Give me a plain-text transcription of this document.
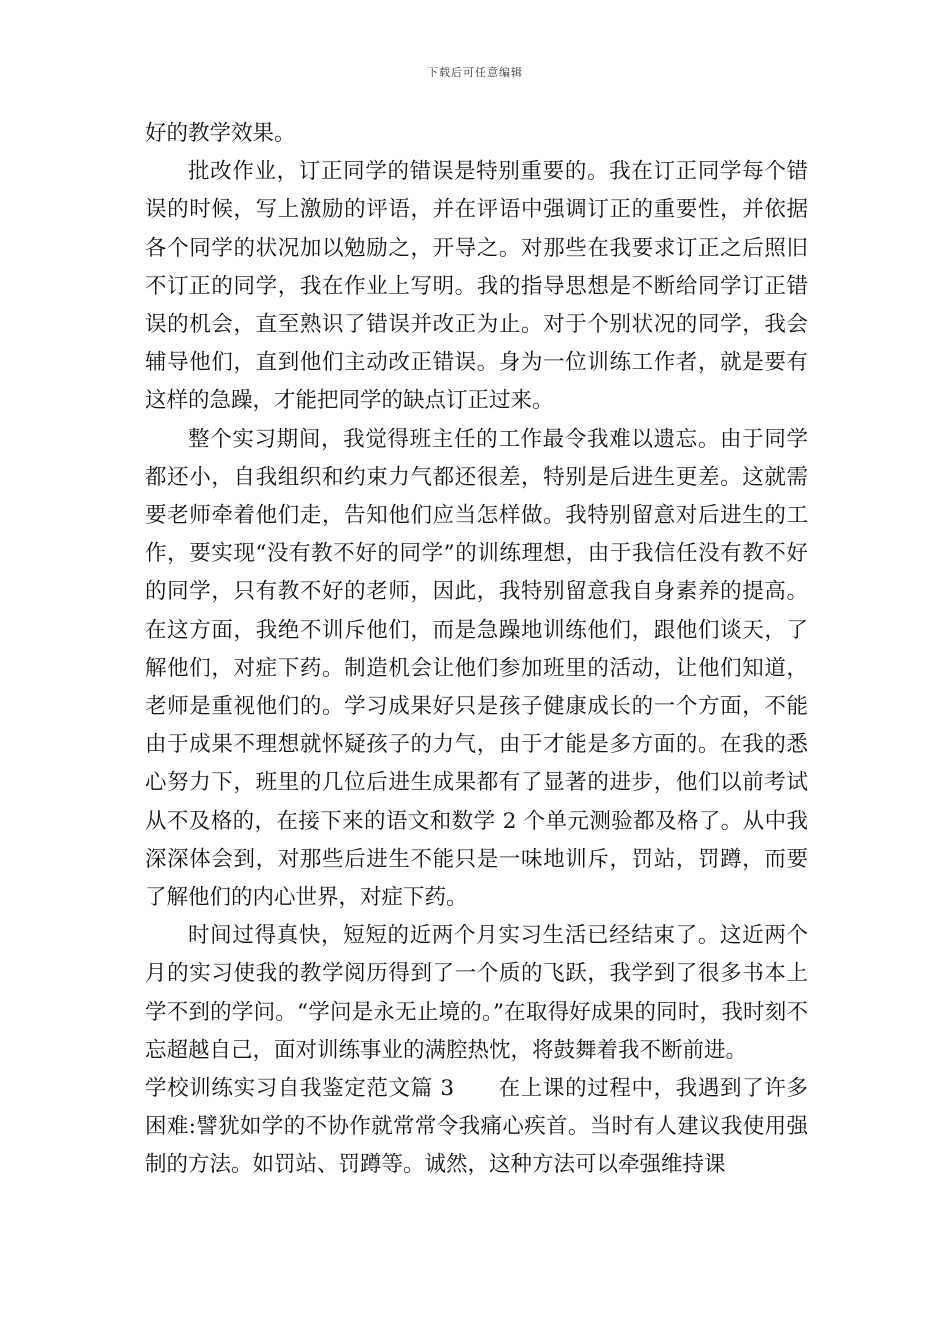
下载后可任意编辑

好的教学效果。

批改作业，订正同学的错误是特别重要的。我在订正同学每个错误的时候，写上激励的评语，并在评语中强调订正的重要性，并依据各个同学的状况加以勉励之，开导之。对那些在我要求订正之后照旧不订正的同学，我在作业上写明。我的指导思想是不断给同学订正错误的机会，直至熟识了错误并改正为止。对于个别状况的同学，我会辅导他们，直到他们主动改正错误。身为一位训练工作者，就是要有这样的急躁，才能把同学的缺点订正过来。

整个实习期间，我觉得班主任的工作最令我难以遗忘。由于同学都还小，自我组织和约束力气都还很差，特别是后进生更差。这就需要老师牵着他们走，告知他们应当怎样做。我特别留意对后进生的工作，要实现“没有教不好的同学”的训练理想，由于我信任没有教不好的同学，只有教不好的老师，因此，我特别留意我自身素养的提高。在这方面，我绝不训斥他们，而是急躁地训练他们，跟他们谈天，了解他们，对症下药。制造机会让他们参加班里的活动，让他们知道，老师是重视他们的。学习成果好只是孩子健康成长的一个方面，不能由于成果不理想就怀疑孩子的力气，由于才能是多方面的。在我的悉心努力下，班里的几位后进生成果都有了显著的进步，他们以前考试从不及格的，在接下来的语文和数学 2 个单元测验都及格了。从中我深深体会到，对那些后进生不能只是一味地训斥，罚站，罚蹲，而要了解他们的内心世界，对症下药。

时间过得真快，短短的近两个月实习生活已经结束了。这近两个月的实习使我的教学阅历得到了一个质的飞跃，我学到了很多书本上学不到的学问。“学问是永无止境的。”在取得好成果的同时，我时刻不忘超越自己，面对训练事业的满腔热忱，将鼓舞着我不断前进。

学校训练实习自我鉴定范文篇 3 在上课的过程中，我遇到了许多困难:譬犹如学的不协作就常常令我痛心疾首。当时有人建议我使用强制的方法。如罚站、罚蹲等。诚然，这种方法可以牵强维持课
